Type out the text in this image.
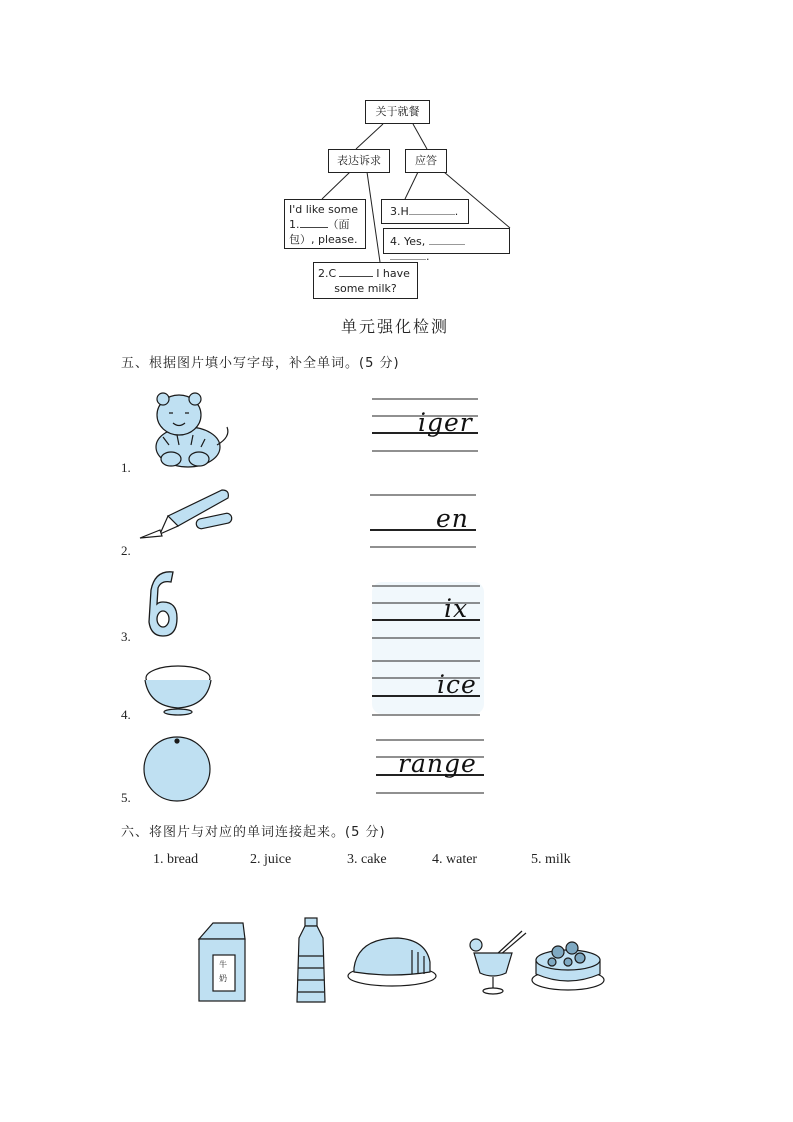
关于就餐
表达诉求	应答
I'd like some
1.	（面
包）, please.
2.C	I have
some milk?
3.H	.
4. Yes,  .
单元强化检测
五、根据图片填小写字母，补全单词。(5 分)
iger
en
ix
ice
range
1.
2.
3.
4.
5.
六、将图片与对应的单词连接起来。(5 分)
1. bread	2. juice	3. cake	4. water	5. milk
牛
奶
